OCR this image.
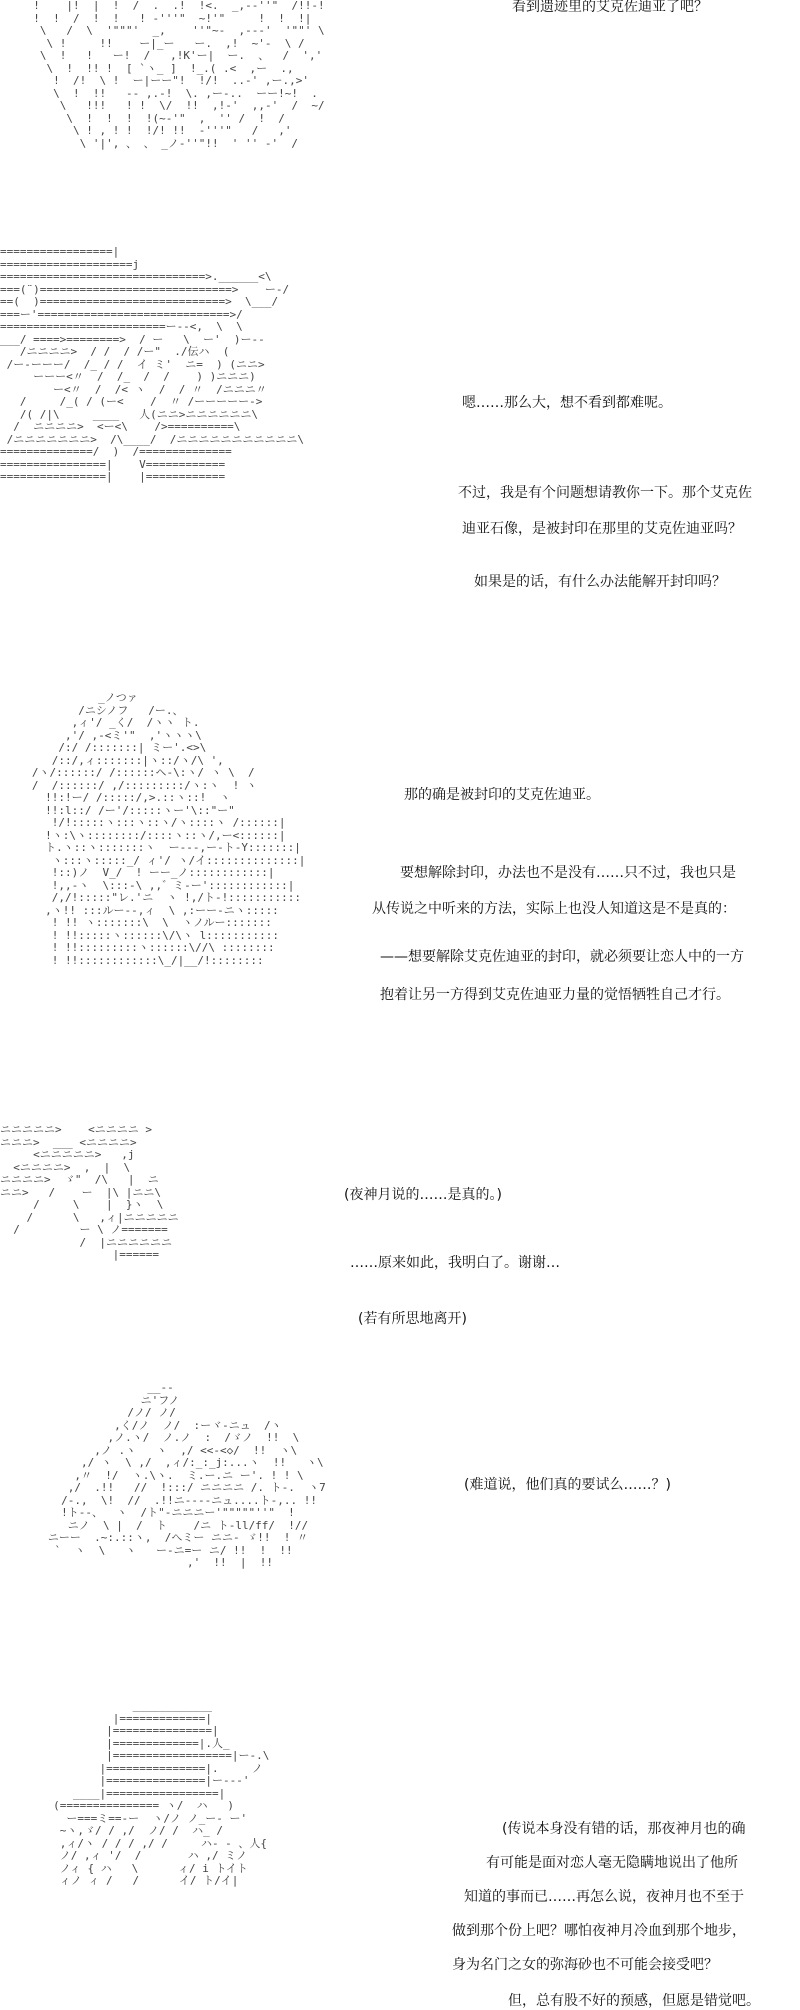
!    |!  |  !  /  .  .!  !<.  _,--''"  /!!-!
!  !  /  !  !   ! -'''"  ~!'"     !  !  !|
\   /  \  '"""'  _,    ''"~-  ,---'  '""' \
\ !     !!    ー|_ー   ー.  ,!  ~'-  \ /
\  !   !   ー!  /   ,!K'ー|  ー.  、  /  ','
\  !  !! !  [ `ヽ_ ]  !_.( .<  ,ー  .,
!  /!  \ !  ー|ーー"!  !/!  ..-' ,ー.,>'
\  !  !!   -- ,.-!  \. ,ー-..  ーー!~!  .
\   !!!   ! !  \/  !!  ,!-'  ,,-'  /  ~/
\  !  !  !  !(~-'"  ,  '' /  !  /
\ ! , ! !  !/! !!  -'''"   /   ,'
\ '|', 、 、 _ノ-''"!!  ' '' -'  /
看到遗迹里的艾克佐迪亚了吧？
=================|
====================j
===============================>.______<\
===(¨)=============================>    ー-/
==(  )============================>  \___/
===ー'=============================>/
=========================ー--<,  \  \
___/ ====>========>  / ー   \  ー'  )ー--
/ニニニニ>  / /  / /ー"  ./伝ハ  (
/ー-ーーー/  /_ / /  イ ミ'  ニ=  ) (ニニ>
ーーー<〃  /  /_  /  /    ) )ニニニ)
ー<〃  /  /< ヽ  /  / 〃  /ニニニ〃
/     /_( / (ー<    /  〃 /ーーーーー->
/( /|\     ____   人(ニニ>ニニニニニニ\
/  ニニニニ>  <ー<\    />==========\
/ニニニニニニニ>  /\____/  /ニニニニニニニニニニニ\
==============/  )  /==============
================|    V============
================|    |============
嗯……那么大，想不看到都难呢。
不过，我是有个问题想请教你一下。那个艾克佐
迪亚石像，是被封印在那里的艾克佐迪亚吗？
如果是的话，有什么办法能解开封印吗？
_ノつァ
/ニシノフ   /ー.、
,ィ'/ _く/  /ヽヽ ト.
,'/ ,-<ミ'"  ,'ヽヽヽ\
/:/ /:::::::| ミー'.<>\
/::/,ィ:::::::|ヽ::/ヽ/\ ',
/ヽ/::::::/ /::::::ヘ-\:ヽ/ ヽ \  /
/  /::::::/ ,/:::::::::/ヽ:ヽ  ! ヽ
!!:!ー/ /:::::/,>.::ヽ::!  ヽ
!!:l::/ /ー'/:::::ヽー'\::"ー"
!/!:::::ヽ:::ヽ::ヽ/ヽ::::ヽ /::::::|
!ヽ:\ヽ::::::::/::::ヽ::ヽ/,ー<::::::|
ト.ヽ::ヽ:::::::ヽ  ー---,ー-ト-Y:::::::|
ヽ:::ヽ:::::_/ ィ'/ ヽ/イ::::::::::::::|
!::)ノ  V_/  ! ーー_ノ::::::::::::|
!,,-ヽ  \:::-\ ,,゛ミ-ー'::::::::::::|
/,/!:::::"レ.'ニ  ヽ !,/ト-!:::::::::::
,ヽ!! :::ルー--,ィ  \ ,:ーー-ニヽ:::::
! !! ヽ:::::::\  \  ヽノルー:::::::
! !!:::::ヽ::::::\/\ヽ l:::::::::::
! !!:::::::::ヽ::::::\//\ ::::::::
! !!::::::::::::\_/|__/!::::::::
那的确是被封印的艾克佐迪亚。
要想解除封印，办法也不是没有……只不过，我也只是
从传说之中听来的方法，实际上也没人知道这是不是真的：
——想要解除艾克佐迪亚的封印，就必须要让恋人中的一方
抱着让另一方得到艾克佐迪亚力量的觉悟牺牲自己才行。
ニニニニニ>    <ニニニニ >
ニニニ>  ___ <ニニニニ>
<ニニニニニ>   ,j
<ニニニニ>  ,  |  \
ニニニニ>  ゞ"  /\   |  ニ
ニニ>   /    ー  |\ |ニニ\
/     \    |  }ヽ  \
/      \   ,ィ|ニニニニニ
/         ー \ ノ=======
/  |ニニニニニニ
|======
(夜神月说的……是真的。)
……原来如此，我明白了。谢谢…
(若有所思地离开)
__--
ニ'フノ
/ノ/ ノ/
,く/ノ  ノ/  :ーヾ-ニュ  /ヽ
,ノ.ヽ/  ノ.ノ  :  /ゞノ  !!  \
,ノ .ヽ   ヽ  ,/ <<-<◇/  !!  ヽ\
,/ ヽ  \ ,/  ,ィ/:_:_j:...ヽ  !!   ヽ\
,〃  !/  ヽ.\ヽ.  ミ.ー.ニ ー'. ! ! \
,/  .!!   //  !:::/ ニニニニ /. ト-.  ヽ7
/-.,  \!  //  .!!ニ----ニュ....ト-,.. !!
!ト--、  ヽ  /ト"-ニニニー'"""""''"  !
ニノ  \ |  /  ト    /ニ ト-ll/ff/  !//
ニーー  .~:.::ヽ,  /へミー ニニ- ゞ!!  ! 〃
`  ヽ  \   ヽ   ー-ニ=ー ニ/ !!  !  !!
,'  !!  |  !!
(难道说，他们真的要试么……？)
____________
|=============|
|===============|
|=============|.人_
|==================|ー-.\
|===============|.     ノ
|===============|ー---'
____|=================|
(=============== ヽ/  ハ   )
ー===ミ==-ー  ヽ/ノ ノ_ー- ー'
~ヽ,ゞ/ / ,/  ノ/ /  ハ_ /
,ィ/ヽ / / / ,/ /     ハ- - 、人{
ノ/ ,ィ '/  /       ハ ,/ ミノ
ノィ { ハ   \      ィ/ i トイト
ィノ ィ /   /      イ/ ト/イ|
(传说本身没有错的话，那夜神月也的确
有可能是面对恋人毫无隐瞒地说出了他所
知道的事而已……再怎么说，夜神月也不至于
做到那个份上吧？哪怕夜神月冷血到那个地步，
身为名门之女的弥海砂也不可能会接受吧？
但，总有股不好的预感，但愿是错觉吧。
